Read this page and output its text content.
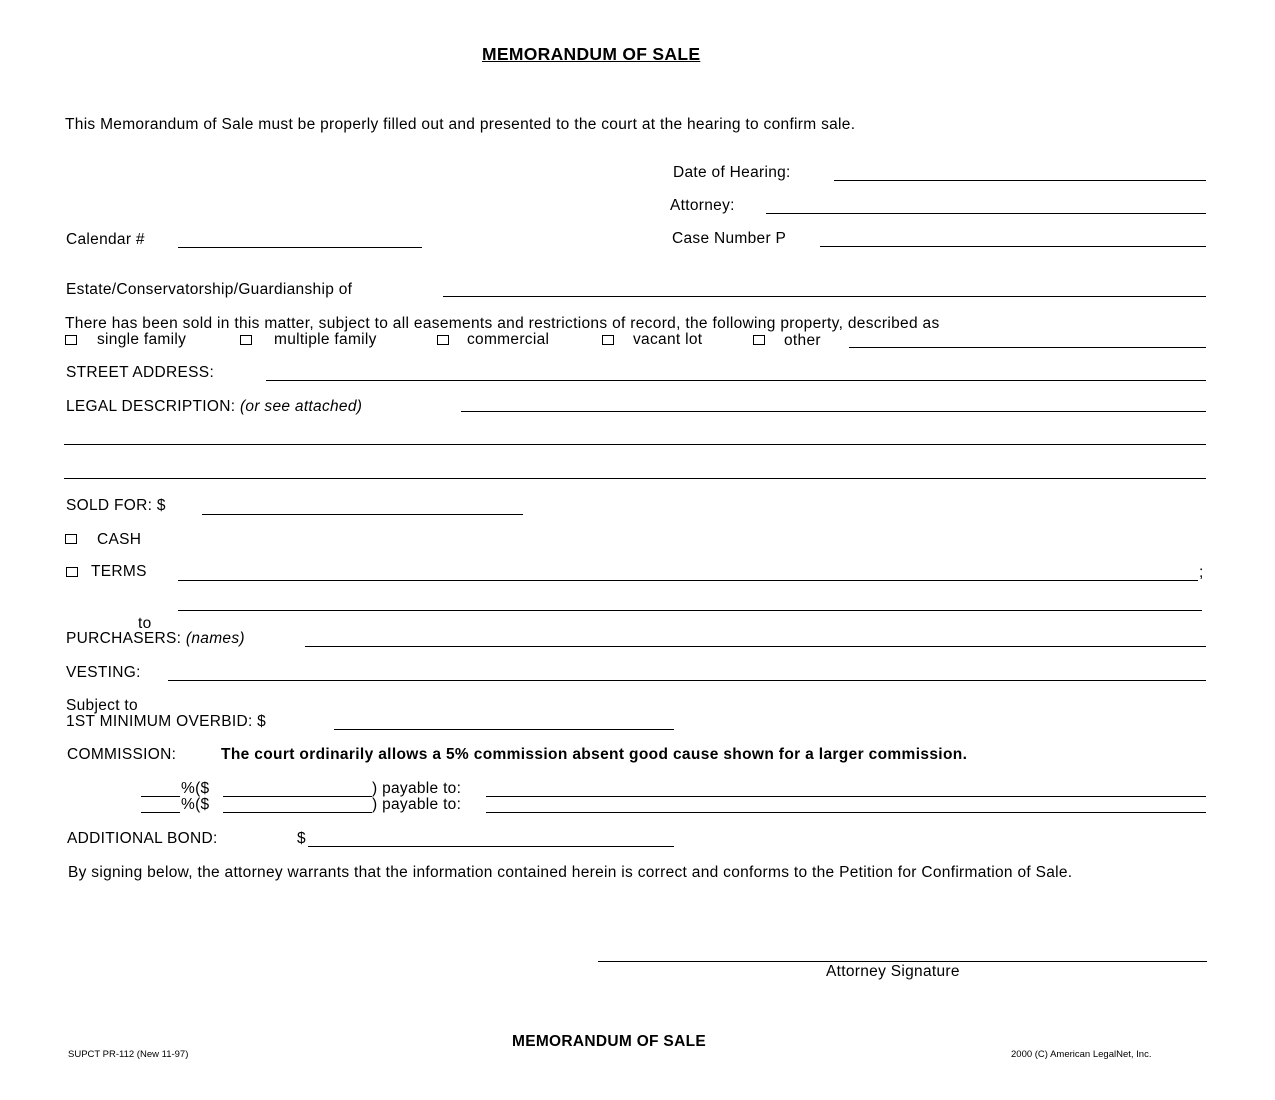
MEMORANDUM OF SALE
This Memorandum of Sale must be properly filled out and presented to the court at the hearing to confirm sale.
Date of Hearing:
Attorney:
Calendar #	Case Number P
Estate/Conservatorship/Guardianship of
There has been sold in this matter, subject to all easements and restrictions of record, the following property, described as
single family	multiple family	commercial	vacant lot	other
STREET ADDRESS:
LEGAL DESCRIPTION: (or see attached)
SOLD FOR: $
CASH
TERMS	;
to
PURCHASERS: (names)
VESTING:
Subject to
1ST MINIMUM OVERBID: $
COMMISSION:	The court ordinarily allows a 5% commission absent good cause shown for a larger commission.
%($	) payable to:
%($	) payable to:
ADDITIONAL BOND:	$
By signing below, the attorney warrants that the information contained herein is correct and conforms to the Petition for Confirmation of Sale.
Attorney Signature
SUPCT PR-112 (New 11-97)
MEMORANDUM OF SALE
2000 (C) American LegalNet, Inc.
